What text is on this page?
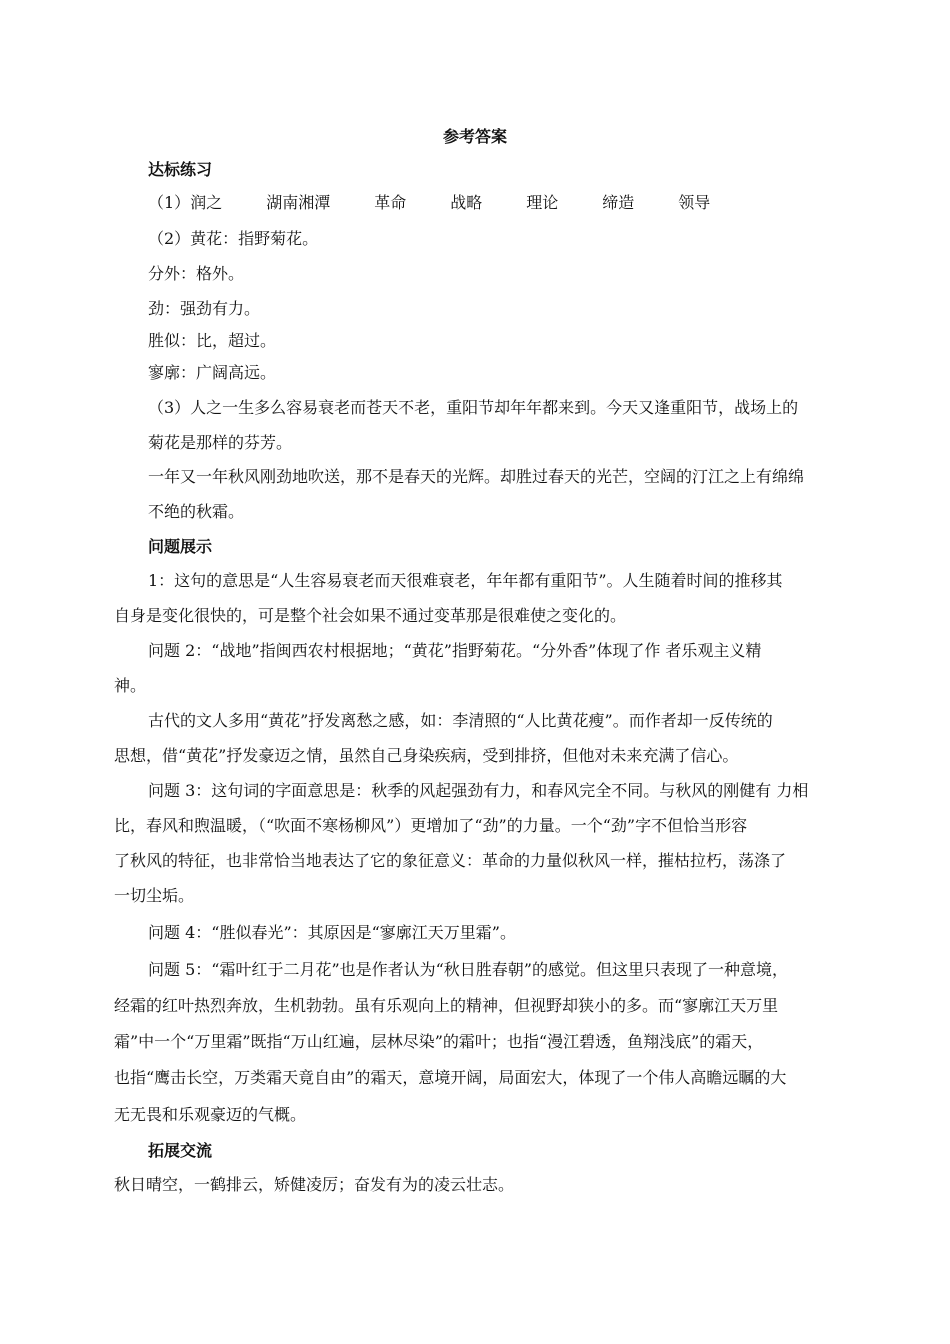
参考答案
达标练习
（1） 润之	湖南湘潭	革命	战略	理论	缔造	领导
（2）黄花：指野菊花。
分外：格外。
劲：强劲有力。
胜似：比，超过。
寥廓：广阔高远。
（3）人之一生多么容易衰老而苍天不老，重阳节却年年都来到。今天又逢重阳节，战场上的
菊花是那样的芬芳。
一年又一年秋风刚劲地吹送，那不是春天的光辉。却胜过春天的光芒，空阔的汀江之上有绵绵
不绝的秋霜。
问题展示
1：这句的意思是“人生容易衰老而天很难衰老，年年都有重阳节”。人生随着时间的推移其
自身是变化很快的，可是整个社会如果不通过变革那是很难使之变化的。
问题 2：“战地”指闽西农村根据地；“黄花”指野菊花。“分外香”体现了作 者乐观主义精
神。
古代的文人多用“黄花”抒发离愁之感，如：李清照的“人比黄花瘦”。而作者却一反传统的
思想，借“黄花”抒发豪迈之情，虽然自己身染疾病，受到排挤，但他对未来充满了信心。
问题 3：这句词的字面意思是：秋季的风起强劲有力，和春风完全不同。与秋风的刚健有 力相
比，春风和煦温暖，（“吹面不寒杨柳风”）更增加了“劲”的力量。一个“劲”字不但恰当形容
了秋风的特征，也非常恰当地表达了它的象征意义：革命的力量似秋风一样，摧枯拉朽，荡涤了
一切尘垢。
问题 4：“胜似春光”：其原因是“寥廓江天万里霜”。
问题 5：“霜叶红于二月花”也是作者认为“秋日胜春朝”的感觉。但这里只表现了一种意境，
经霜的红叶热烈奔放，生机勃勃。虽有乐观向上的精神，但视野却狭小的多。而“寥廓江天万里
霜”中一个“万里霜”既指“万山红遍，层林尽染”的霜叶；也指“漫江碧透，鱼翔浅底”的霜天，
也指“鹰击长空，万类霜天竟自由”的霜天，意境开阔，局面宏大，体现了一个伟人高瞻远瞩的大
无无畏和乐观豪迈的气概。
拓展交流
秋日晴空，一鹤排云，矫健凌厉；奋发有为的凌云壮志。
